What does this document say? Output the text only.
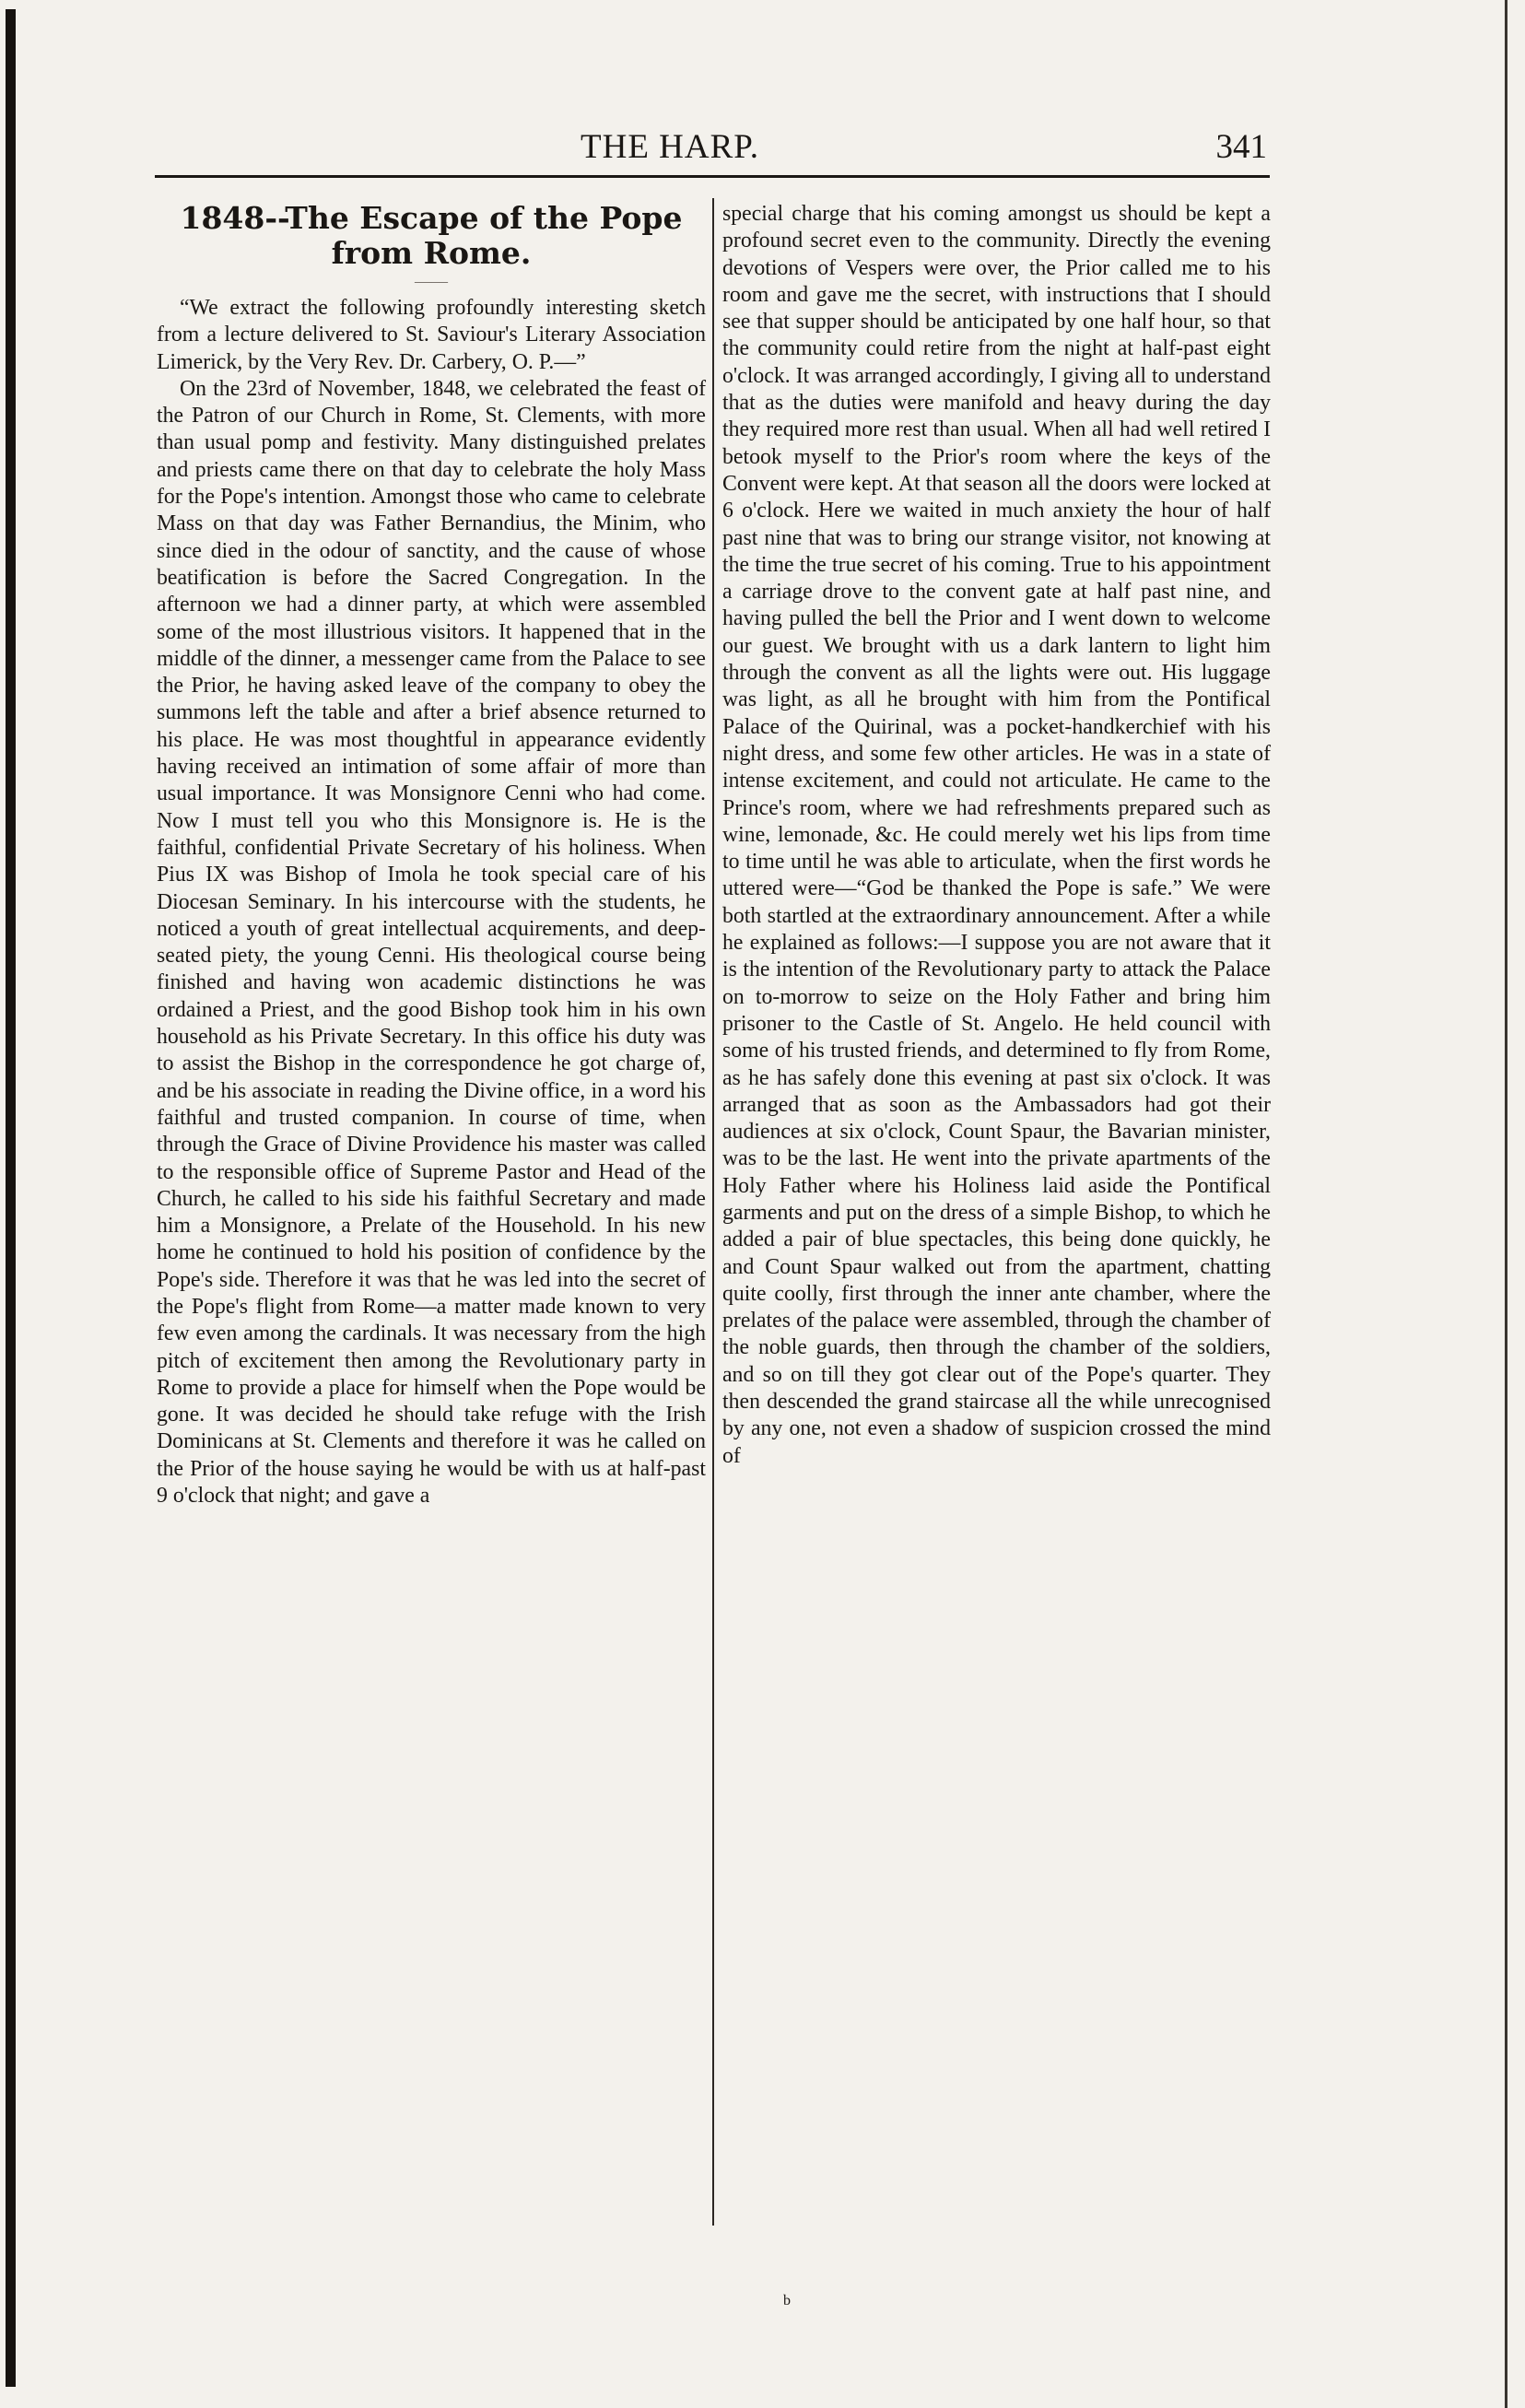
THE HARP.	341
1848--The Escape of the Pope from Rome.
——

“We extract the following profoundly interesting sketch from a lecture delivered to St. Saviour's Literary Association Limerick, by the Very Rev. Dr. Carbery, O. P.—”

On the 23rd of November, 1848, we celebrated the feast of the Patron of our Church in Rome, St. Clements, with more than usual pomp and festivity. Many distinguished prelates and priests came there on that day to celebrate the holy Mass for the Pope's intention. Amongst those who came to celebrate Mass on that day was Father Bernandius, the Minim, who since died in the odour of sanctity, and the cause of whose beatification is before the Sacred Congregation. In the afternoon we had a dinner party, at which were assembled some of the most illustrious visitors. It happened that in the middle of the dinner, a messenger came from the Palace to see the Prior, he having asked leave of the company to obey the summons left the table and after a brief absence returned to his place. He was most thoughtful in appearance evidently having received an intimation of some affair of more than usual importance. It was Monsignore Cenni who had come. Now I must tell you who this Monsignore is. He is the faithful, confidential Private Secretary of his holiness. When Pius IX was Bishop of Imola he took special care of his Diocesan Seminary. In his intercourse with the students, he noticed a youth of great intellectual acquirements, and deep-seated piety, the young Cenni. His theological course being finished and having won academic distinctions he was ordained a Priest, and the good Bishop took him in his own household as his Private Secretary. In this office his duty was to assist the Bishop in the correspondence he got charge of, and be his associate in reading the Divine office, in a word his faithful and trusted companion. In course of time, when through the Grace of Divine Providence his master was called to the responsible office of Supreme Pastor and Head of the Church, he called to his side his faithful Secretary and made him a Monsignore, a Prelate of the Household. In his new home he continued to hold his position of confidence by the Pope's side. Therefore it was that he was led into the secret of the Pope's flight from Rome—a matter made known to very few even among the cardinals. It was necessary from the high pitch of excitement then among the Revolutionary party in Rome to provide a place for himself when the Pope would be gone. It was decided he should take refuge with the Irish Dominicans at St. Clements and therefore it was he called on the Prior of the house saying he would be with us at half-past 9 o'clock that night; and gave a

special charge that his coming amongst us should be kept a profound secret even to the community. Directly the evening devotions of Vespers were over, the Prior called me to his room and gave me the secret, with instructions that I should see that supper should be anticipated by one half hour, so that the community could retire from the night at half-past eight o'clock. It was arranged accordingly, I giving all to understand that as the duties were manifold and heavy during the day they required more rest than usual. When all had well retired I betook myself to the Prior's room where the keys of the Convent were kept. At that season all the doors were locked at 6 o'clock. Here we waited in much anxiety the hour of half past nine that was to bring our strange visitor, not knowing at the time the true secret of his coming. True to his appointment a carriage drove to the convent gate at half past nine, and having pulled the bell the Prior and I went down to welcome our guest. We brought with us a dark lantern to light him through the convent as all the lights were out. His luggage was light, as all he brought with him from the Pontifical Palace of the Quirinal, was a pocket-handkerchief with his night dress, and some few other articles. He was in a state of intense excitement, and could not articulate. He came to the Prince's room, where we had refreshments prepared such as wine, lemonade, &c. He could merely wet his lips from time to time until he was able to articulate, when the first words he uttered were—“God be thanked the Pope is safe.” We were both startled at the extraordinary announcement. After a while he explained as follows:—I suppose you are not aware that it is the intention of the Revolutionary party to attack the Palace on to-morrow to seize on the Holy Father and bring him prisoner to the Castle of St. Angelo. He held council with some of his trusted friends, and determined to fly from Rome, as he has safely done this evening at past six o'clock. It was arranged that as soon as the Ambassadors had got their audiences at six o'clock, Count Spaur, the Bavarian minister, was to be the last. He went into the private apartments of the Holy Father where his Holiness laid aside the Pontifical garments and put on the dress of a simple Bishop, to which he added a pair of blue spectacles, this being done quickly, he and Count Spaur walked out from the apartment, chatting quite coolly, first through the inner ante chamber, where the prelates of the palace were assembled, through the chamber of the noble guards, then through the chamber of the soldiers, and so on till they got clear out of the Pope's quarter. They then descended the grand staircase all the while unrecognised by any one, not even a shadow of suspicion crossed the mind of

b
